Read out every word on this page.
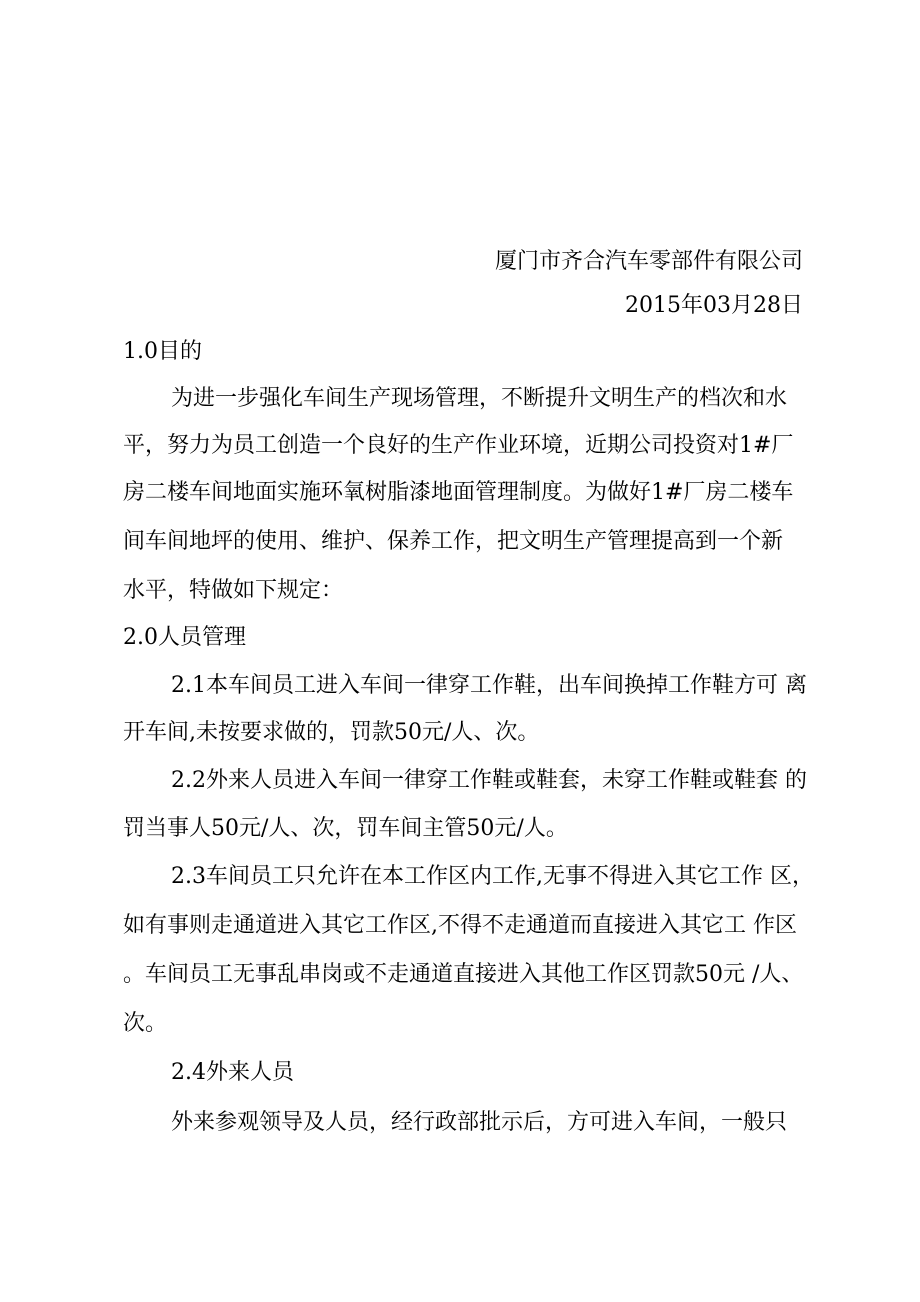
厦门市齐合汽车零部件有限公司
2015年03月28日
1.0目的
为进一步强化车间生产现场管理，不断提升文明生产的档次和水
平，努力为员工创造一个良好的生产作业环境，近期公司投资对1#厂
房二楼车间地面实施环氧树脂漆地面管理制度。为做好1#厂房二楼车
间车间地坪的使用、维护、保养工作，把文明生产管理提高到一个新
水平，特做如下规定：
2.0人员管理
2.1本车间员工进入车间一律穿工作鞋，出车间换掉工作鞋方可 离
开车间,未按要求做的，罚款50元/人、次。
2.2外来人员进入车间一律穿工作鞋或鞋套，未穿工作鞋或鞋套 的
罚当事人50元/人、次，罚车间主管50元/人。
2.3车间员工只允许在本工作区内工作,无事不得进入其它工作 区，
如有事则走通道进入其它工作区,不得不走通道而直接进入其它工 作区
。车间员工无事乱串岗或不走通道直接进入其他工作区罚款50元 /人、
次。
2.4外来人员
外来参观领导及人员，经行政部批示后，方可进入车间，一般只
